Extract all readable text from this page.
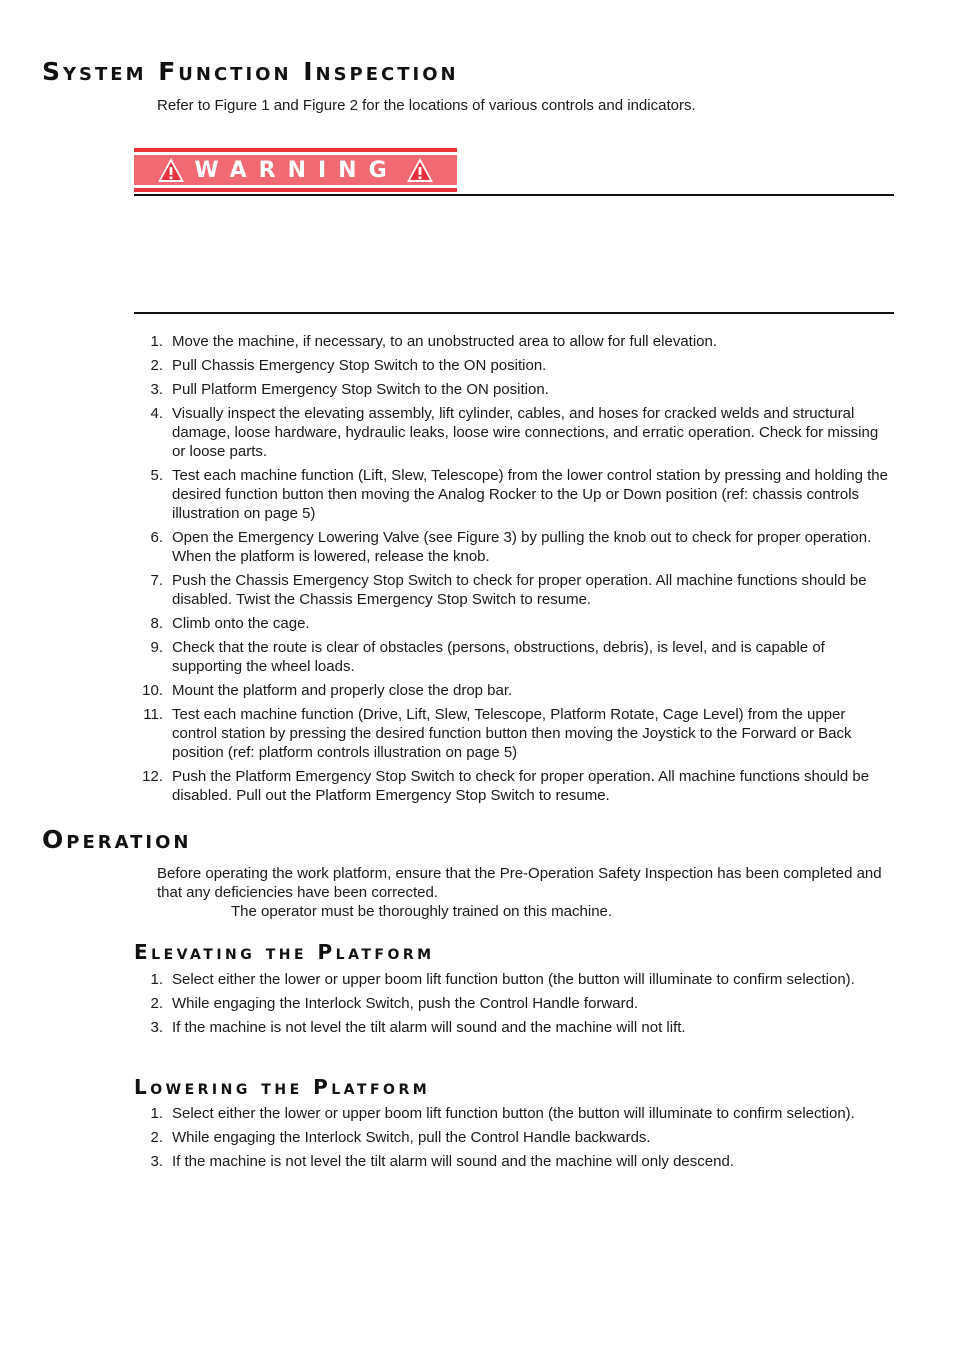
System Function Inspection
Refer to Figure 1 and Figure 2 for the locations of various controls and indicators.
WARNING
1. Move the machine, if necessary, to an unobstructed area to allow for full elevation.
2. Pull Chassis Emergency Stop Switch to the ON position.
3. Pull Platform Emergency Stop Switch to the ON position.
4. Visually inspect the elevating assembly, lift cylinder, cables, and hoses for cracked welds and structural damage, loose hardware, hydraulic leaks, loose wire connections, and erratic operation. Check for missing or loose parts.
5. Test each machine function (Lift, Slew, Telescope) from the lower control station by pressing and holding the desired function button then moving the Analog Rocker to the Up or Down position (ref: chassis controls illustration on page 5)
6. Open the Emergency Lowering Valve (see Figure 3) by pulling the knob out to check for proper operation. When the platform is lowered, release the knob.
7. Push the Chassis Emergency Stop Switch to check for proper operation. All machine functions should be disabled. Twist the Chassis Emergency Stop Switch to resume.
8. Climb onto the cage.
9. Check that the route is clear of obstacles (persons, obstructions, debris), is level, and is capable of supporting the wheel loads.
10. Mount the platform and properly close the drop bar.
11. Test each machine function (Drive, Lift, Slew, Telescope, Platform Rotate, Cage Level) from the upper control station by pressing the desired function button then moving the Joystick to the Forward or Back position (ref: platform controls illustration on page 5)
12. Push the Platform Emergency Stop Switch to check for proper operation. All machine functions should be disabled. Pull out the Platform Emergency Stop Switch to resume.
Operation
Before operating the work platform, ensure that the Pre-Operation Safety Inspection has been completed and that any deficiencies have been corrected.
The operator must be thoroughly trained on this machine.
Elevating the Platform
1. Select either the lower or upper boom lift function button (the button will illuminate to confirm selection).
2. While engaging the Interlock Switch, push the Control Handle forward.
3. If the machine is not level the tilt alarm will sound and the machine will not lift.
Lowering the Platform
1. Select either the lower or upper boom lift function button (the button will illuminate to confirm selection).
2. While engaging the Interlock Switch, pull the Control Handle backwards.
3. If the machine is not level the tilt alarm will sound and the machine will only descend.
